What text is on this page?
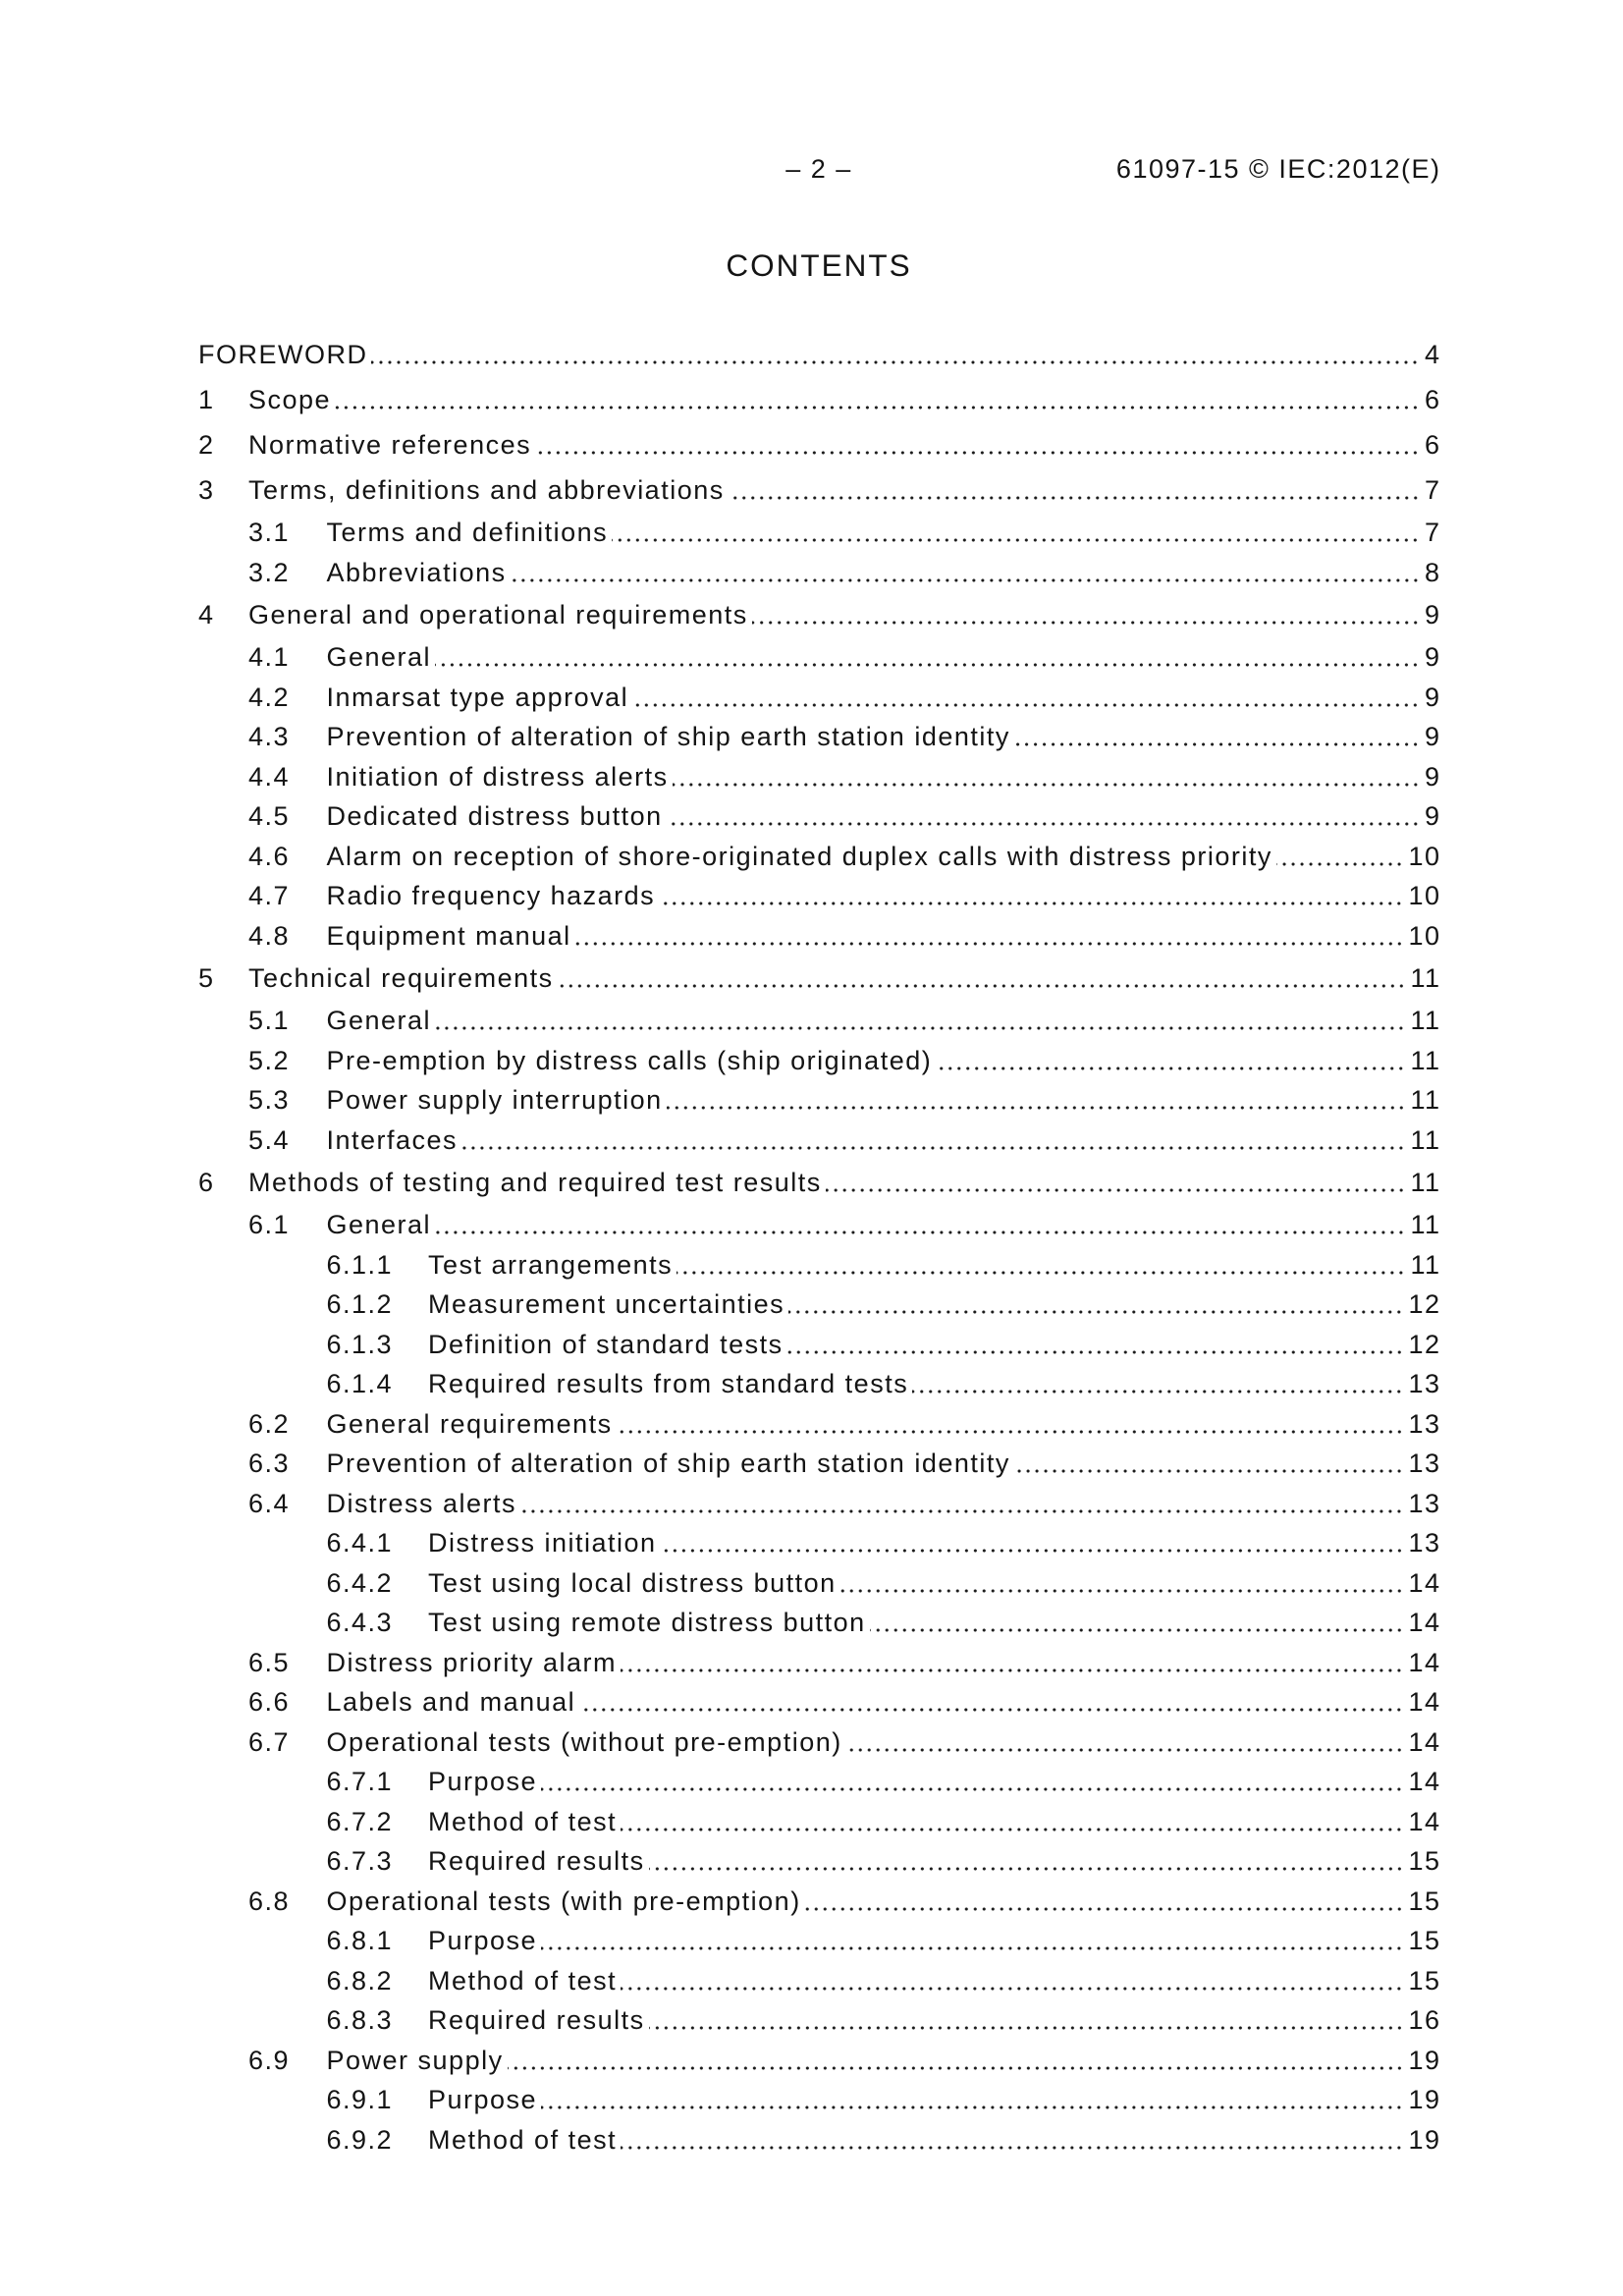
– 2 –	61097-15 © IEC:2012(E)
CONTENTS
FOREWORD	4
1	Scope	6
2	Normative references	6
3	Terms, definitions and abbreviations	7
3.1	Terms and definitions	7
3.2	Abbreviations	8
4	General and operational requirements	9
4.1	General	9
4.2	Inmarsat type approval	9
4.3	Prevention of alteration of ship earth station identity	9
4.4	Initiation of distress alerts	9
4.5	Dedicated distress button	9
4.6	Alarm on reception of shore-originated duplex calls with distress priority	10
4.7	Radio frequency hazards	10
4.8	Equipment manual	10
5	Technical requirements	11
5.1	General	11
5.2	Pre-emption by distress calls (ship originated)	11
5.3	Power supply interruption	11
5.4	Interfaces	11
6	Methods of testing and required test results	11
6.1	General	11
6.1.1	Test arrangements	11
6.1.2	Measurement uncertainties	12
6.1.3	Definition of standard tests	12
6.1.4	Required results from standard tests	13
6.2	General requirements	13
6.3	Prevention of alteration of ship earth station identity	13
6.4	Distress alerts	13
6.4.1	Distress initiation	13
6.4.2	Test using local distress button	14
6.4.3	Test using remote distress button	14
6.5	Distress priority alarm	14
6.6	Labels and manual	14
6.7	Operational tests (without pre-emption)	14
6.7.1	Purpose	14
6.7.2	Method of test	14
6.7.3	Required results	15
6.8	Operational tests (with pre-emption)	15
6.8.1	Purpose	15
6.8.2	Method of test	15
6.8.3	Required results	16
6.9	Power supply	19
6.9.1	Purpose	19
6.9.2	Method of test	19
